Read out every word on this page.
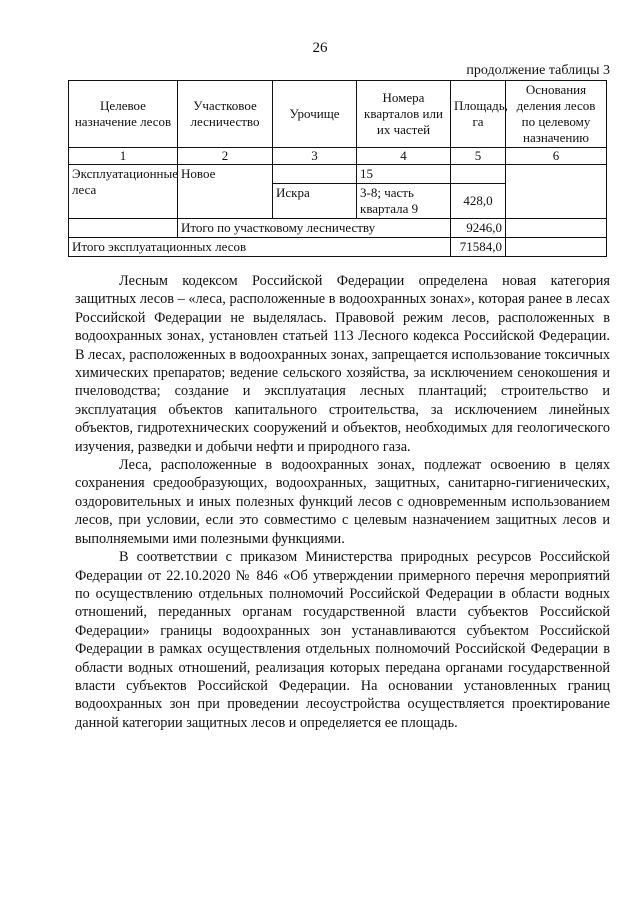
26
продолжение таблицы 3
Целевое назначение лесов	Участковое лесничество	Урочище	Номера кварталов или их частей	Площадь, га	Основания деления лесов по целевому назначению
1	2	3	4	5	6
Эксплуатационные леса	Новое		15		
		Искра	3-8; часть квартала 9	428,0	
	Итого по участковому лесничеству			9246,0	
Итого эксплуатационных лесов				71584,0	

Лесным кодексом Российской Федерации определена новая категория защитных лесов – «леса, расположенные в водоохранных зонах», которая ранее в лесах Российской Федерации не выделялась. Правовой режим лесов, расположенных в водоохранных зонах, установлен статьей 113 Лесного кодекса Российской Федерации. В лесах, расположенных в водоохранных зонах, запрещается использование токсичных химических препаратов; ведение сельского хозяйства, за исключением сенокошения и пчеловодства; создание и эксплуатация лесных плантаций; строительство и эксплуатация объектов капитального строительства, за исключением линейных объектов, гидротехнических сооружений и объектов, необходимых для геологического изучения, разведки и добычи нефти и природного газа.

Леса, расположенные в водоохранных зонах, подлежат освоению в целях сохранения средообразующих, водоохранных, защитных, санитарно-гигиенических, оздоровительных и иных полезных функций лесов с одновременным использованием лесов, при условии, если это совместимо с целевым назначением защитных лесов и выполняемыми ими полезными функциями.

В соответствии с приказом Министерства природных ресурсов Российской Федерации от 22.10.2020 № 846 «Об утверждении примерного перечня мероприятий по осуществлению отдельных полномочий Российской Федерации в области водных отношений, переданных органам государственной власти субъектов Российской Федерации» границы водоохранных зон устанавливаются субъектом Российской Федерации в рамках осуществления отдельных полномочий Российской Федерации в области водных отношений, реализация которых передана органами государственной власти субъектов Российской Федерации. На основании установленных границ водоохранных зон при проведении лесоустройства осуществляется проектирование данной категории защитных лесов и определяется ее площадь.
